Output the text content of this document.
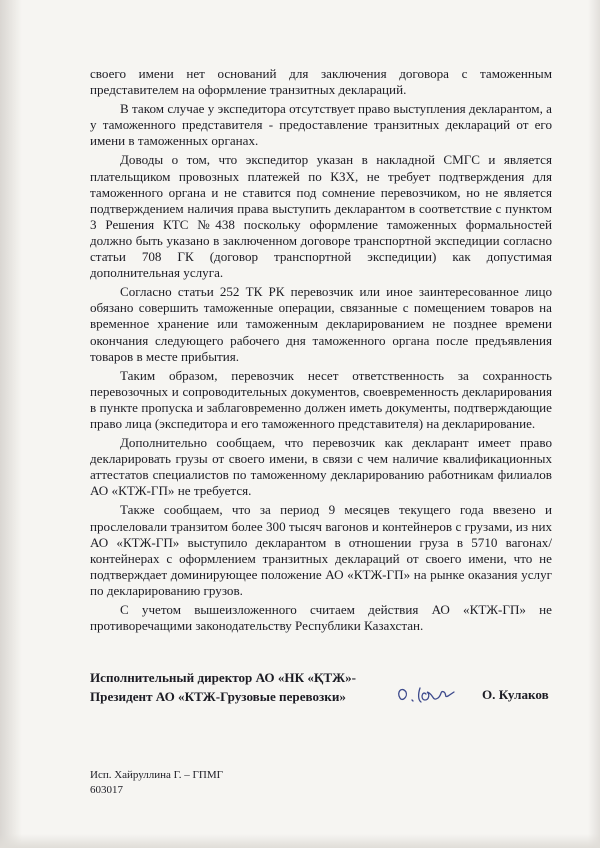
своего имени нет оснований для заключения договора с таможенным представителем на оформление транзитных деклараций.

В таком случае у экспедитора отсутствует право выступления декларантом, а у таможенного представителя - предоставление транзитных деклараций от его имени в таможенных органах.

Доводы о том, что экспедитор указан в накладной СМГС и является плательщиком провозных платежей по КЗХ, не требует подтверждения для таможенного органа и не ставится под сомнение перевозчиком, но не является подтверждением наличия права выступить декларантом в соответствие с пунктом 3 Решения КТС №438 поскольку оформление таможенных формальностей должно быть указано в заключенном договоре транспортной экспедиции согласно статьи 708 ГК (договор транспортной экспедиции) как допустимая дополнительная услуга.

Согласно статьи 252 ТК РК перевозчик или иное заинтересованное лицо обязано совершить таможенные операции, связанные с помещением товаров на временное хранение или таможенным декларированием не позднее времени окончания следующего рабочего дня таможенного органа после предъявления товаров в месте прибытия.

Таким образом, перевозчик несет ответственность за сохранность перевозочных и сопроводительных документов, своевременность декларирования в пункте пропуска и заблаговременно должен иметь документы, подтверждающие право лица (экспедитора и его таможенного представителя) на декларирование.

Дополнительно сообщаем, что перевозчик как декларант имеет право декларировать грузы от своего имени, в связи с чем наличие квалификационных аттестатов специалистов по таможенному декларированию работникам филиалов АО «КТЖ-ГП» не требуется.

Также сообщаем, что за период 9 месяцев текущего года ввезено и прослеловали транзитом более 300 тысяч вагонов и контейнеров с грузами, из них АО «КТЖ-ГП» выступило декларантом в отношении груза в 5710 вагонах/контейнерах с оформлением транзитных деклараций от своего имени, что не подтверждает доминирующее положение АО «КТЖ-ГП» на рынке оказания услуг по декларированию грузов.

С учетом вышеизложенного считаем действия АО «КТЖ-ГП» не противоречащими законодательству Республики Казахстан.

Исполнительный директор АО «НК «ҚТЖ»-
Президент АО «КТЖ-Грузовые перевозки»	О. Кулаков
Исп. Хайруллина Г. – ГПМГ
603017
